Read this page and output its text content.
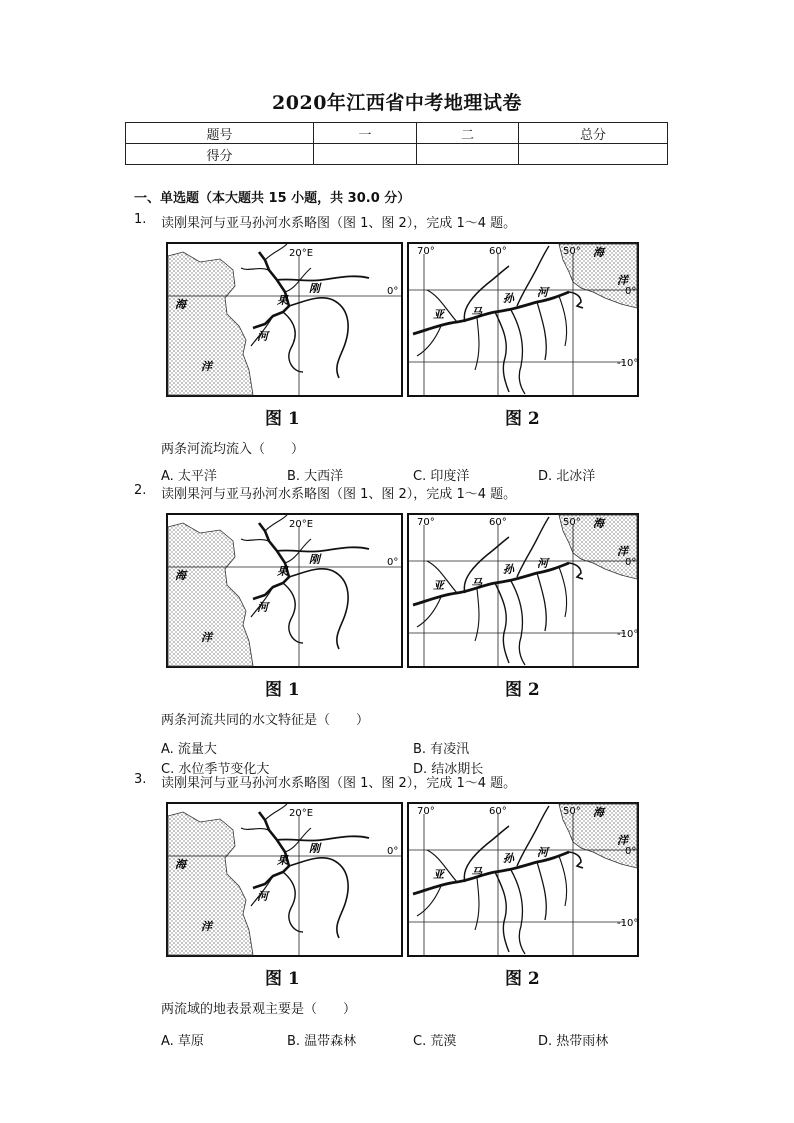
2020年江西省中考地理试卷
题号	一	二	总分
得分			
一、单选题（本大题共 15 小题，共 30.0 分）
1. 读刚果河与亚马孙河水系略图（图 1、图 2），完成 1～4 题。
20°E
0°
海
洋
刚
果
河
70°	60°	50°
0°
-10°
海
洋
亚 马
孙 河
图 1	图 2
两条河流均流入（　　）
A. 太平洋	B. 大西洋	C. 印度洋	D. 北冰洋
2. 读刚果河与亚马孙河水系略图（图 1、图 2），完成 1～4 题。
20°E
0°
海
洋
刚
果
河
70°	60°	50°
0°
-10°
海
洋
亚 马
孙 河
图 1	图 2
两条河流共同的水文特征是（　　）
A. 流量大	B. 有凌汛
C. 水位季节变化大	D. 结冰期长
3. 读刚果河与亚马孙河水系略图（图 1、图 2），完成 1～4 题。
20°E
0°
海
洋
刚
果
河
70°	60°	50°
0°
-10°
海
洋
亚 马
孙 河
图 1	图 2
两流域的地表景观主要是（　　）
A. 草原	B. 温带森林	C. 荒漠	D. 热带雨林
